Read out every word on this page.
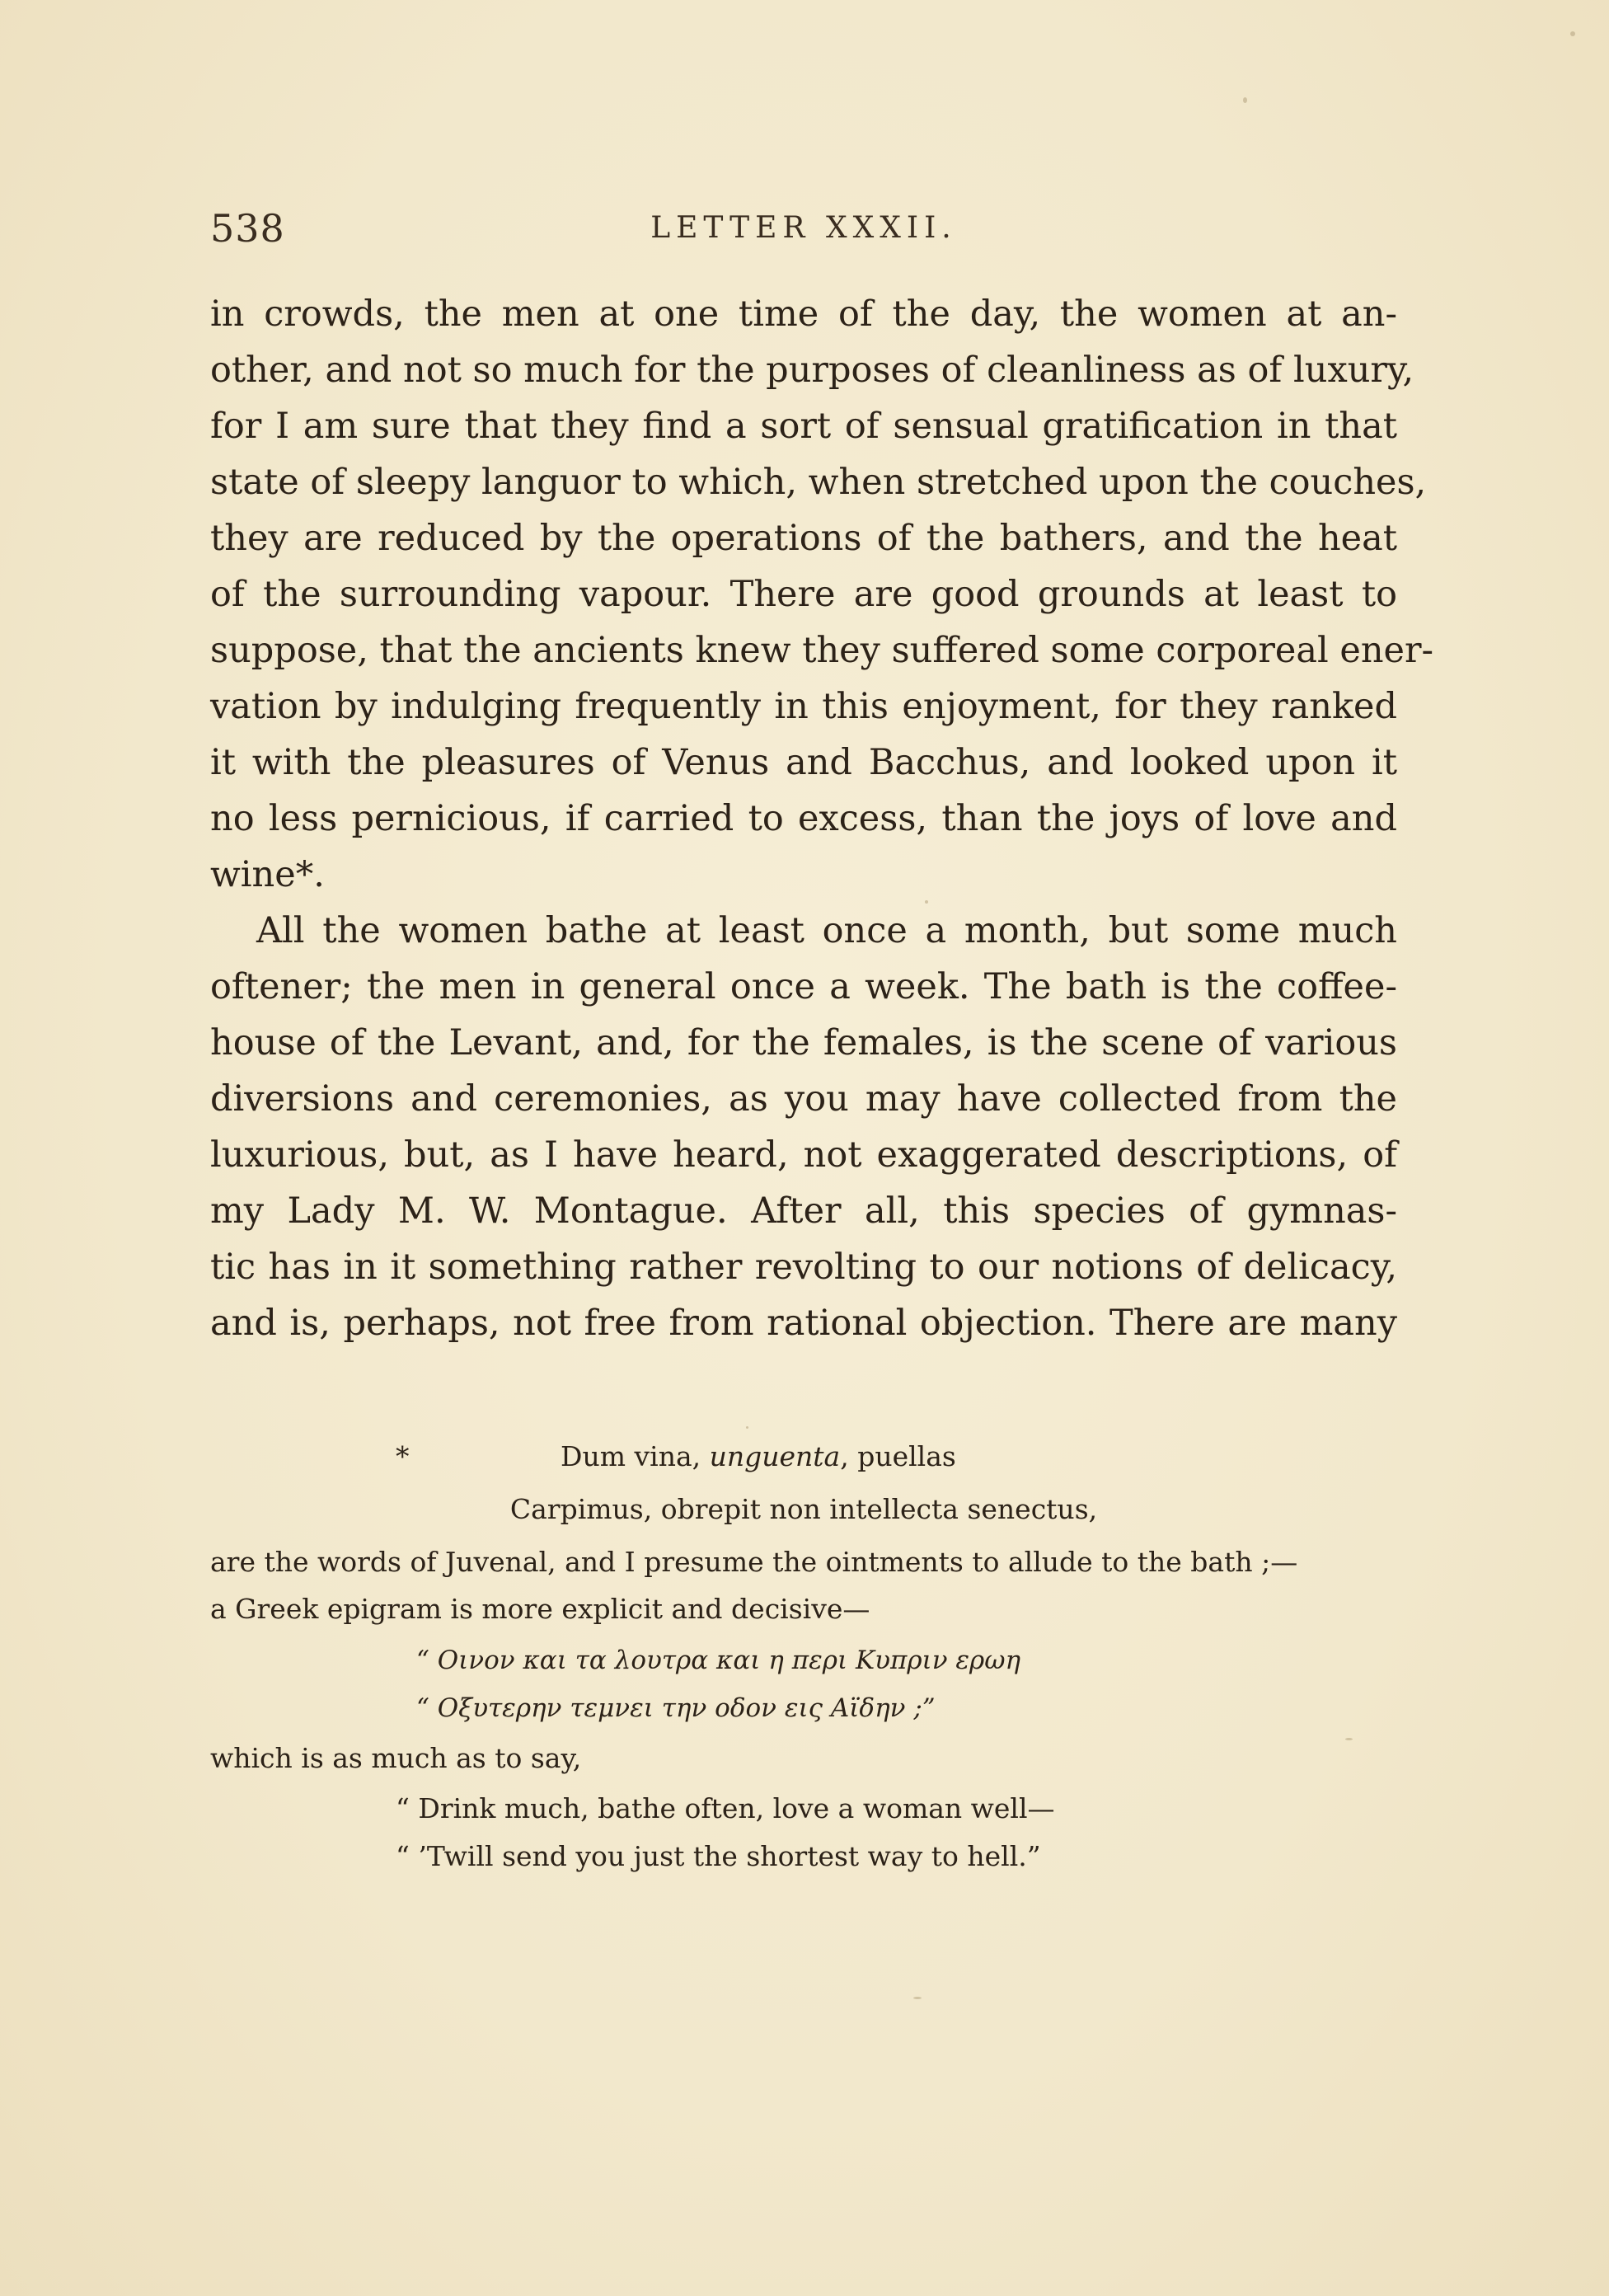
538	LETTER XXXII.
in crowds, the men at one time of the day, the women at an-
other, and not so much for the purposes of cleanliness as of luxury,
for I am sure that they find a sort of sensual gratification in that
state of sleepy languor to which, when stretched upon the couches,
they are reduced by the operations of the bathers, and the heat
of the surrounding vapour. There are good grounds at least to
suppose, that the ancients knew they suffered some corporeal ener-
vation by indulging frequently in this enjoyment, for they ranked
it with the pleasures of Venus and Bacchus, and looked upon it
no less pernicious, if carried to excess, than the joys of love and
wine*.
All the women bathe at least once a month, but some much
oftener; the men in general once a week. The bath is the coffee-
house of the Levant, and, for the females, is the scene of various
diversions and ceremonies, as you may have collected from the
luxurious, but, as I have heard, not exaggerated descriptions, of
my Lady M. W. Montague. After all, this species of gymnas-
tic has in it something rather revolting to our notions of delicacy,
and is, perhaps, not free from rational objection. There are many
*	Dum vina, unguenta, puellas
Carpimus, obrepit non intellecta senectus,
are the words of Juvenal, and I presume the ointments to allude to the bath ;—
a Greek epigram is more explicit and decisive—
“ Οινον και τα λουτρα και η περι Κυπριν ερωη
“ Οξυτερην τεμνει την οδον εις Αϊδην ;”
which is as much as to say,
“ Drink much, bathe often, love a woman well—
“ ’Twill send you just the shortest way to hell.”
